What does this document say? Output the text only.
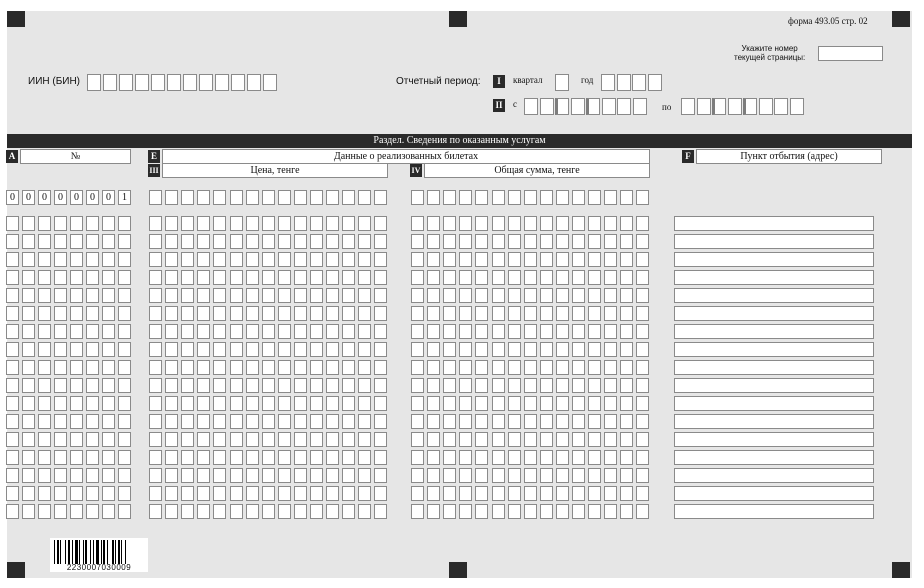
форма 493.05 стр. 02
Укажите номер
текущей страницы:
ИИН (БИН)	Отчетный период:	I	квартал	год
II с	по
Раздел. Сведения по оказанным услугам
A	№	E	Данные о реализованных билетах
III	Цена, тенге	IV	Общая сумма, тенге
F	Пункт отбытия (адрес)
0	0	0	0	0	0	0	1
2230007030009
